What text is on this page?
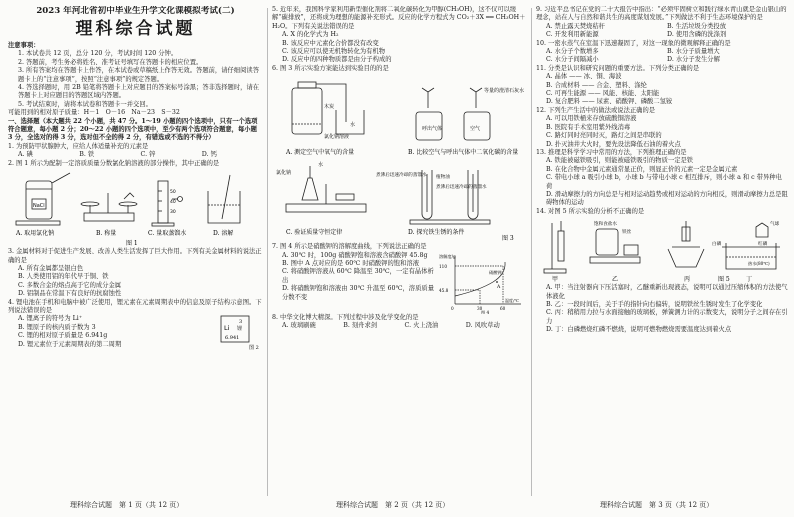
2023 年河北省初中毕业生升学文化课模拟考试(二)

理科综合试题

注意事项：

1. 本试卷共 12 页，总分 120 分，考试时间 120 分钟。

2. 答题前，考生务必将姓名、准考证号填写在答题卡的相应位置。

3. 所有答案均在答题卡上作答，在本试卷或草稿纸上作答无效。答题前，请仔细阅读答题卡上的“注意事项”，按照“注意事项”的规定答题。

4. 答选择题时，用 2B 铅笔将答题卡上对应题目的答案标号涂黑；答非选择题时，请在答题卡上对应题目的答题区域内答题。

5. 考试结束时，请将本试卷和答题卡一并交回。

可能用到的相对原子质量：H－1　O－16　Na－23　S－32

一、选择题（本大题共 22 个小题，共 47 分。1～19 小题的四个选项中，只有一个选项符合题意，每小题 2 分；20～22 小题的四个选项中，至少有两个选项符合题意，每小题 3 分，全选对的得 3 分，选对但不全的得 2 分，有错选或不选的不得分）

1. 为预防甲状腺肿大，应给人体适量补充的元素是

A. 碘	B. 铁	C. 锌	D. 钙

2. 图 1 所示为配制一定溶质质量分数氯化钠溶液的部分操作，其中正确的是

NaCl
50
40
30
A. 取用氯化钠	B. 称量	C. 量取蒸馏水	D. 溶解
图 1

3. 金属材料对于促进生产发展、改善人类生活发挥了巨大作用。下列有关金属材料的说法正确的是

A. 所有金属都呈银白色

B. 人类使用铝的年代早于铜、铁

C. 多数合金的熔点高于它的成分金属

D. 铝制品在常温下有良好的抗腐蚀性

4. 锂电池在手机和电脑中被广泛使用，锂元素在元素周期表中的信息及原子结构示意图。下列说法错误的是

A. 锂离子的符号为 Li⁺

B. 锂原子的核内质子数为 3

C. 锂的相对原子质量是 6.941g

D. 锂元素位于元素周期表的第二周期

3
Li 锂
6.941
图 2

5. 近年来，我国科学家利用新型催化剂将二氧化碳转化为甲醇(CH₃OH)，这不仅可以缓解“碳排放”，还将成为理想的能源补充形式。反应的化学方程式为 CO₂＋3X ══ CH₃OH＋H₂O。下列有关说法错误的是

A. X 的化学式为 H₂

B. 该反应中元素化合价都没有改变

C. 该反应可以使无机物转化为有机物

D. 反应中的四种物质都是由分子构成的

6. 图 3 所示实验方案能达到实验目的的是

木炭
水
氯化钠溶液
等量的澄清石灰水
呼出气体	空气
水
氯化钠	煮沸后迅速冷却的蒸馏水 植物油
煮沸后迅速冷却的蒸馏水
A. 测定空气中氧气的含量	B. 比较空气与呼出气体中二氧化碳的含量
C. 验证质量守恒定律	D. 探究铁生锈的条件
图 3

7. 图 4 所示是硝酸钾的溶解度曲线，下列说法正确的是

A. 30℃ 时，100g 硝酸钾饱和溶液含硝酸钾 45.8g

B. 图中 A 点对应的是 60℃ 时硝酸钾的饱和溶液

C. 将硝酸钾溶液从 60℃ 降温至 30℃，一定有晶体析出

D. 将硝酸钾饱和溶液由 30℃ 升温至 60℃，溶质质量分数不变

A
溶解度/g
110
45.8
0	30	60
温度/℃
硝酸钾
图 4

8. 中华文化博大精深。下列过程中涉及化学变化的是

A. 玻璃刷碗	B. 刻舟求剑	C. 火上浇油	D. 风吹草动

9. 习近平总书记在党的二十大报告中指出：“必须牢固树立和践行绿水青山就是金山银山的理念，站在人与自然和谐共生的高度谋划发展。”下列做法不利于生态环境保护的是

A. 禁止露天焚烧秸秆	B. 生活垃圾分类投放
C. 开发利用新能源	D. 使用含磷的洗涤剂

10. 一密水蒸气在室温下迅速凝固了，对这一现象的微观解释正确的是

A. 水分子个数增多	B. 水分子质量增大
C. 水分子间隔减小	D. 水分子发生分解

11. 分类是认识和研究问题的重要方法。下列分类正确的是

A. 晶体 —— 冰、铜、海波

B. 合成材料 —— 合金、塑料、涤纶

C. 可再生能源 —— 风能、核能、太阳能

D. 复合肥料 —— 尿素、硝酸钾、磷酸二氢铵

12. 下列生产生活中的做法或说法正确的是

A. 可以用铁桶来存放硫酸铜溶液

B. 医院有手术室用紫外线消毒

C. 路灯同时亮同时灭，路灯之间是串联的

D. 扑灭油井大火时，要先设法降低石油的着火点

13. 推理是科学学习中常用的方法，下列推理正确的是

A. 铁能被磁铁吸引，则能被磁铁吸引的物质一定是铁

B. 在化合物中金属元素通常显正价，则显正价的元素一定是金属元素

C. 带电小球 a 吸引小球 b，小球 b 与带电小球 c 相互排斥，则小球 a 和 c 带异种电荷

D. 滑动摩擦力的方向总是与相对运动趋势或相对运动的方向相反，则滑动摩擦力总是阻碍物体的运动

14. 对图 5 所示实验的分析不正确的是

饱和食盐水
铁丝
气球
白磷	红磷
热水(80℃)
甲	乙	丙	丁
图 5

A. 甲：当注射器向下压活塞时，乙醚重新出现液态，说明可以通过压缩体积的方法使气体液化

B. 乙：一段时间后，关于手的指针向右偏转，说明铁丝生锈时发生了化学变化

C. 丙：稍稍用力拉与水面接触的玻璃板，弹簧测力计的示数变大，说明分子之间存在引力

D. 丁：白磷燃烧红磷不燃烧，说明可燃物燃烧需要温度达到着火点

理科综合试题　第 1 页（共 12 页）	理科综合试题　第 2 页（共 12 页）	理科综合试题　第 3 页（共 12 页）
